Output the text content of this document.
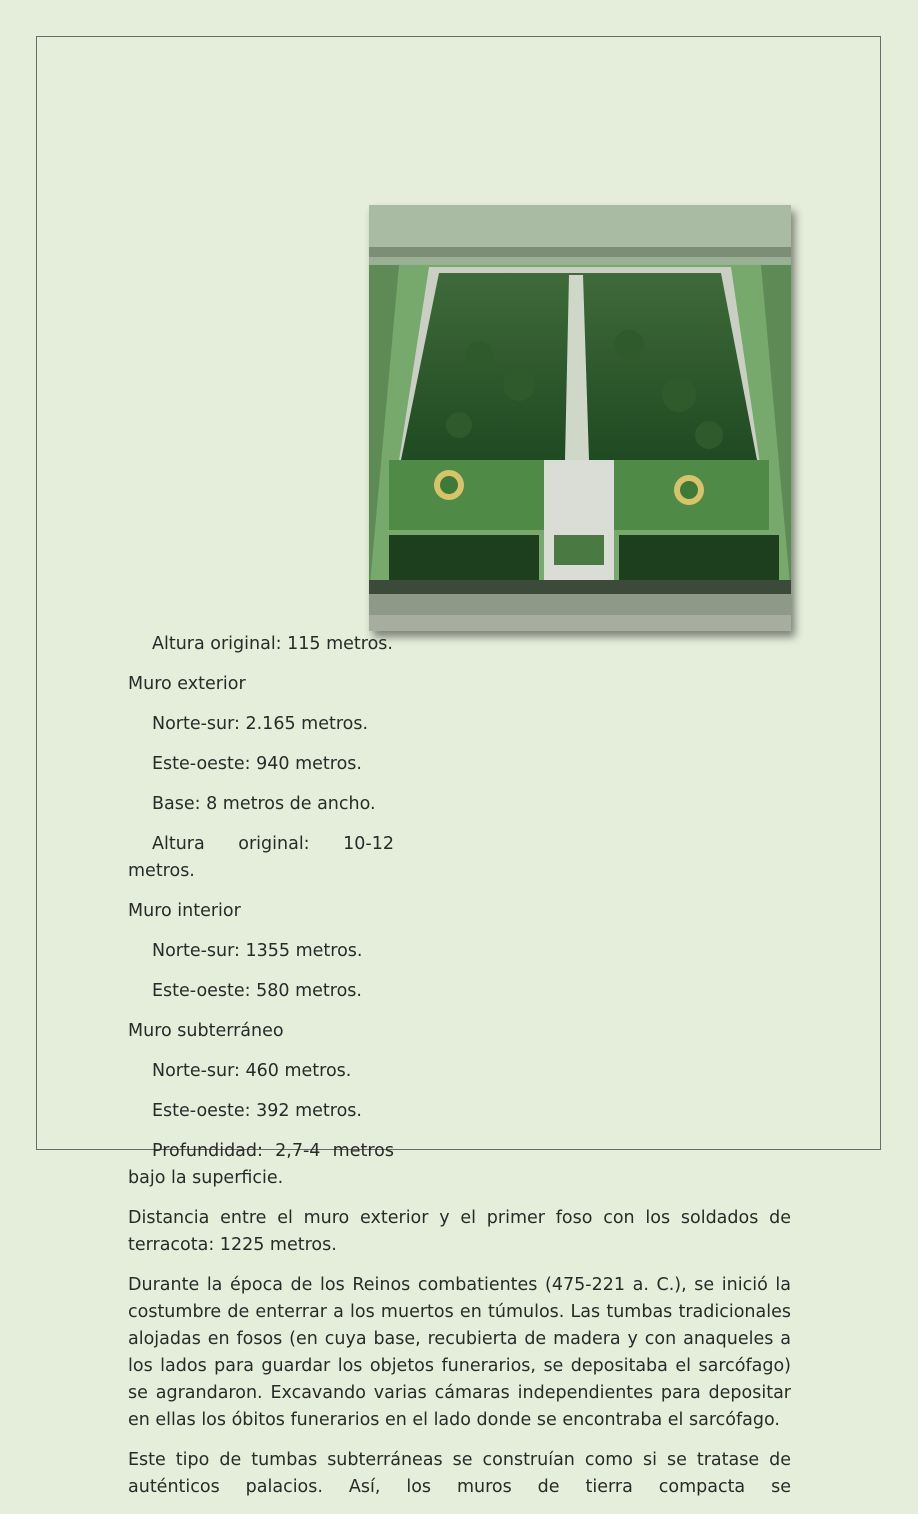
Altura original: 115 metros.
Muro exterior
Norte-sur: 2.165 metros.
Este-oeste: 940 metros.
Base: 8 metros de ancho.
Altura original: 10-12 metros.
Muro interior
Norte-sur: 1355 metros.
Este-oeste: 580 metros.
Muro subterráneo
Norte-sur: 460 metros.
Este-oeste: 392 metros.
Profundidad: 2,7-4 metros bajo la superficie.

Distancia entre el muro exterior y el primer foso con los soldados de terracota: 1225 metros.

Durante la época de los Reinos combatientes (475-221 a. C.), se inició la costumbre de enterrar a los muertos en túmulos. Las tumbas tradicionales alojadas en fosos (en cuya base, recubierta de madera y con anaqueles a los lados para guardar los objetos funerarios, se depositaba el sarcófago) se agrandaron. Excavando varias cámaras independientes para depositar en ellas los óbitos funerarios en el lado donde se encontraba el sarcófago.

Este tipo de tumbas subterráneas se construían como si se tratase de auténticos palacios. Así, los muros de tierra compacta se
